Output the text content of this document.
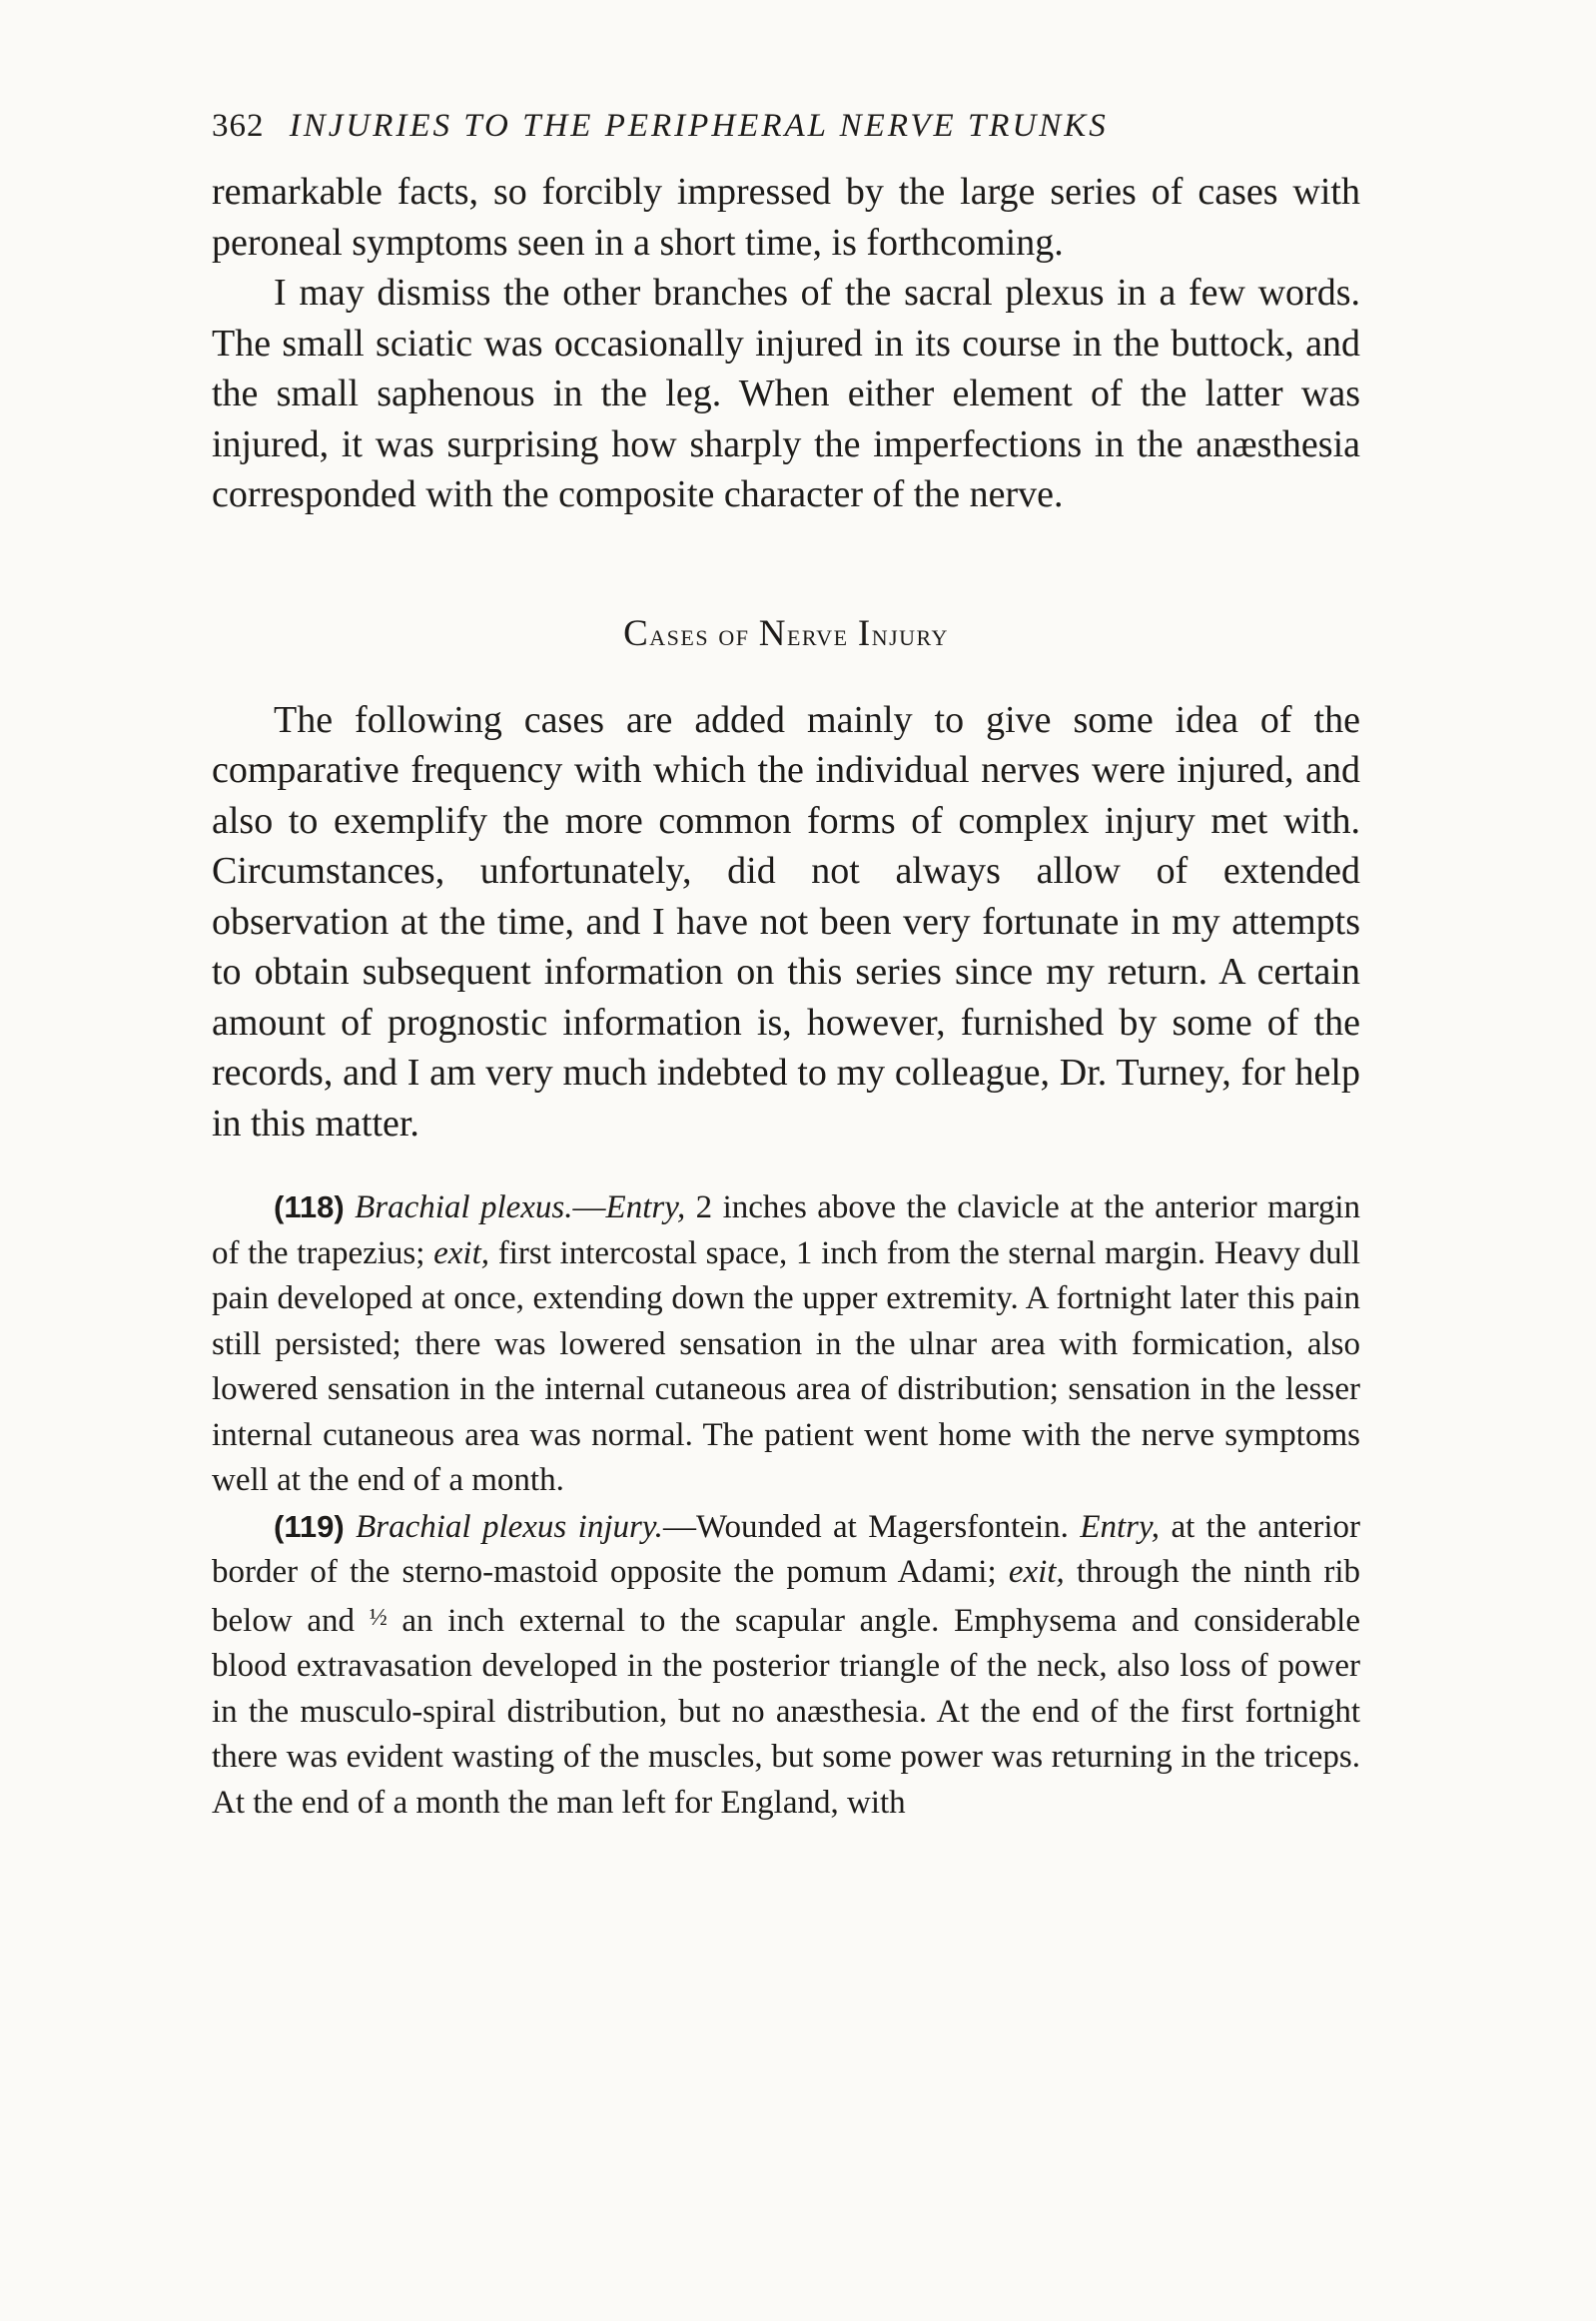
362 INJURIES TO THE PERIPHERAL NERVE TRUNKS

remarkable facts, so forcibly impressed by the large series of cases with peroneal symptoms seen in a short time, is forthcoming.

I may dismiss the other branches of the sacral plexus in a few words. The small sciatic was occasionally injured in its course in the buttock, and the small saphenous in the leg. When either element of the latter was injured, it was surprising how sharply the imperfections in the anæsthesia corresponded with the composite character of the nerve.

Cases of Nerve Injury

The following cases are added mainly to give some idea of the comparative frequency with which the individual nerves were injured, and also to exemplify the more common forms of complex injury met with. Circumstances, unfortunately, did not always allow of extended observation at the time, and I have not been very fortunate in my attempts to obtain subsequent information on this series since my return. A certain amount of prognostic information is, however, furnished by some of the records, and I am very much indebted to my colleague, Dr. Turney, for help in this matter.

(118) Brachial plexus.—Entry, 2 inches above the clavicle at the anterior margin of the trapezius; exit, first intercostal space, 1 inch from the sternal margin. Heavy dull pain developed at once, extending down the upper extremity. A fortnight later this pain still persisted; there was lowered sensation in the ulnar area with formication, also lowered sensation in the internal cutaneous area of distribution; sensation in the lesser internal cutaneous area was normal. The patient went home with the nerve symptoms well at the end of a month.

(119) Brachial plexus injury.—Wounded at Magersfontein. Entry, at the anterior border of the sterno-mastoid opposite the pomum Adami; exit, through the ninth rib below and ½ an inch external to the scapular angle. Emphysema and considerable blood extravasation developed in the posterior triangle of the neck, also loss of power in the musculo-spiral distribution, but no anæsthesia. At the end of the first fortnight there was evident wasting of the muscles, but some power was returning in the triceps. At the end of a month the man left for England, with
